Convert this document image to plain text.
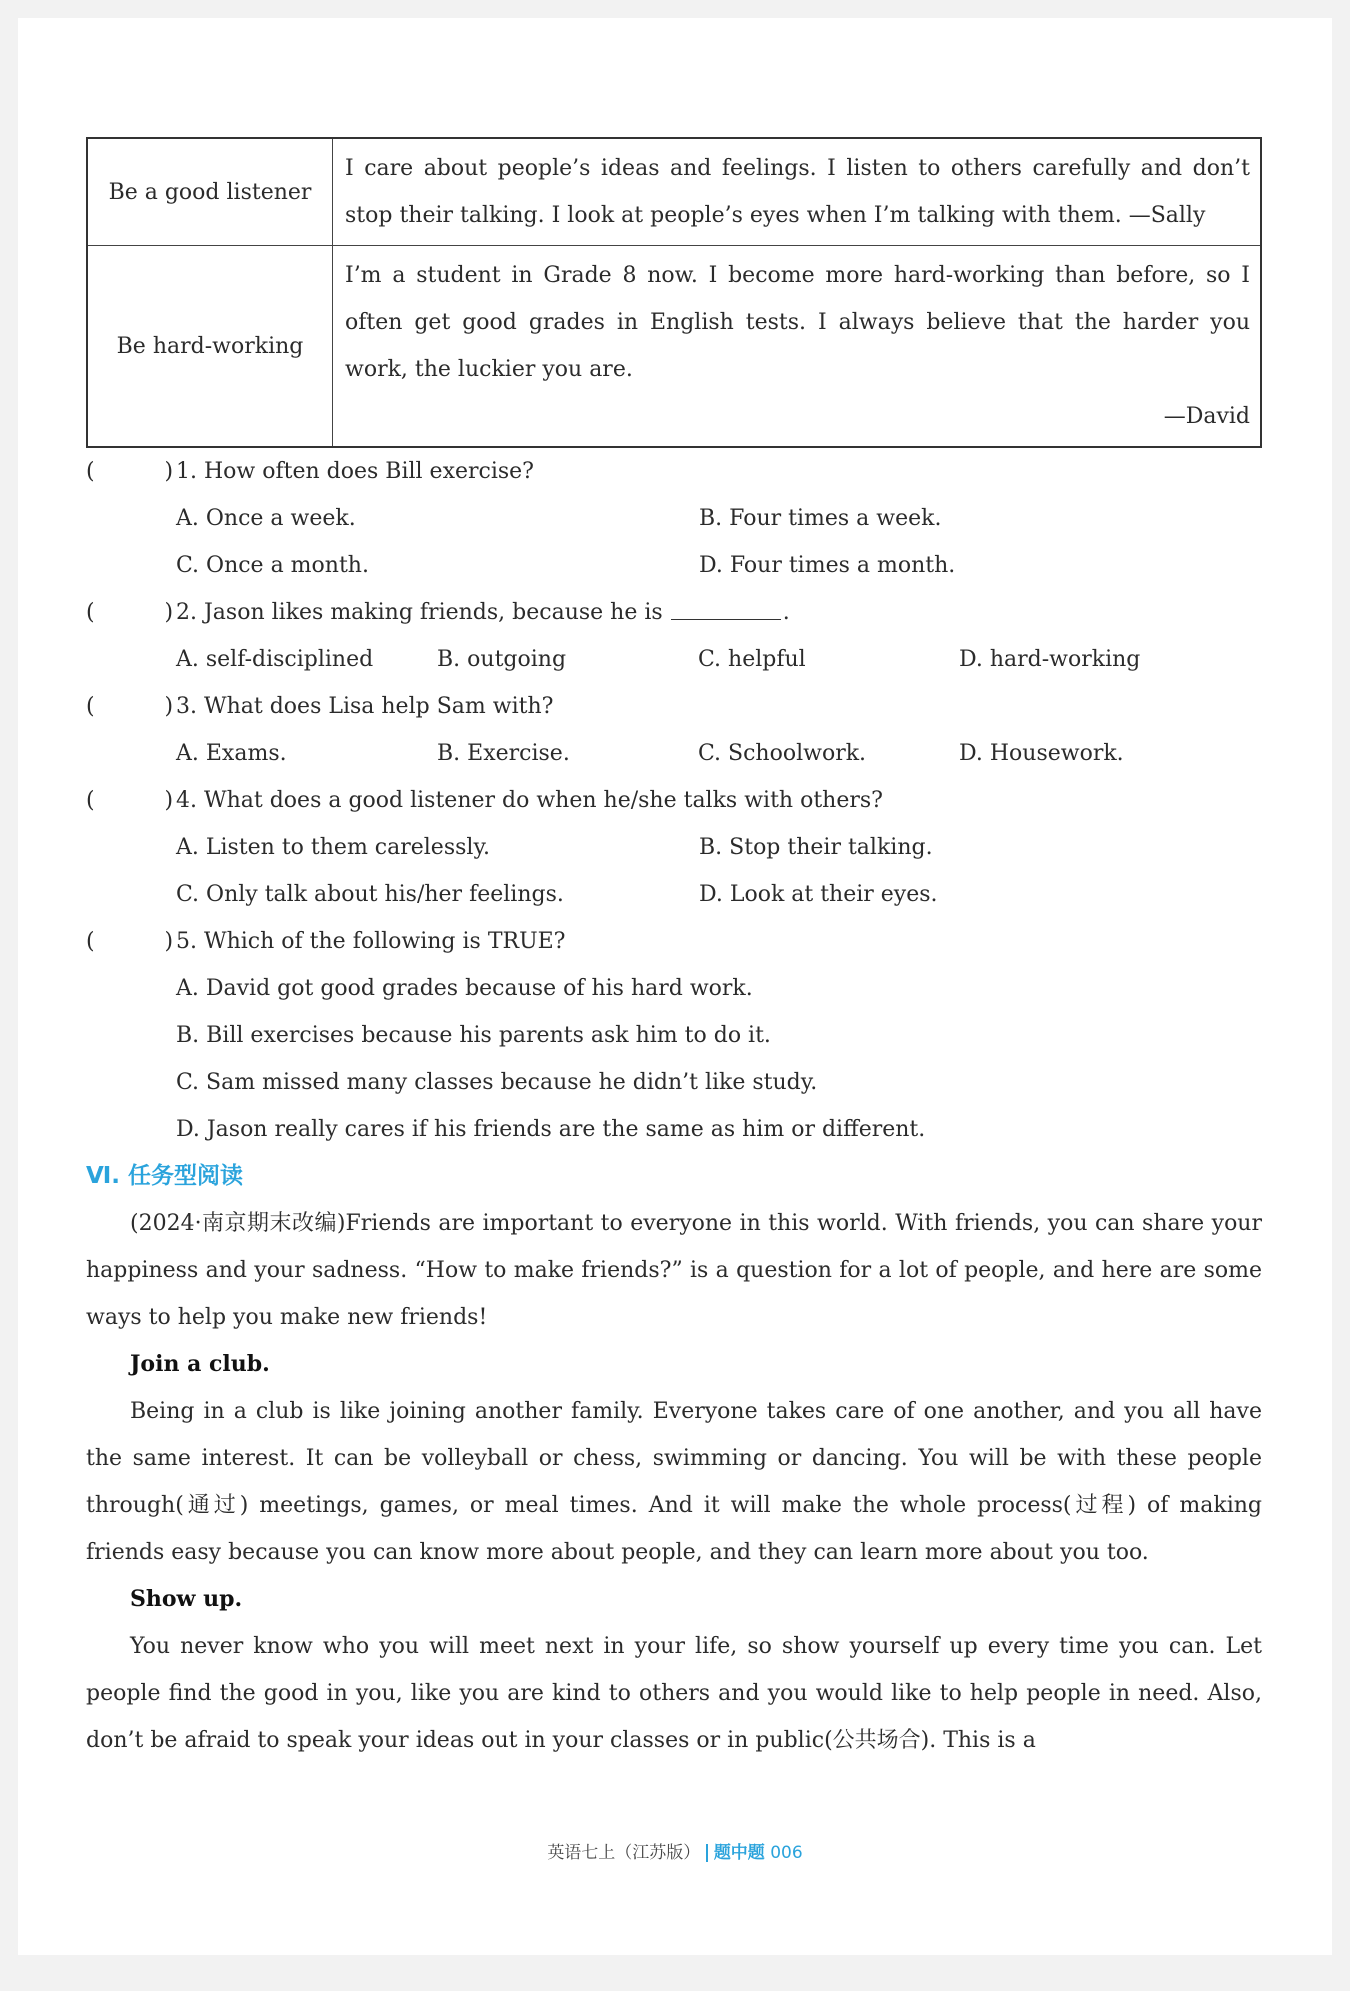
Be a good listener	I care about people’s ideas and feelings. I listen to others carefully and don’t stop their talking. I look at people’s eyes when I’m talking with them. —Sally
Be hard-working	I’m a student in Grade 8 now. I become more hard-working than before, so I often get good grades in English tests. I always believe that the harder you work, the luckier you are.
—David
(          ) 1. How often does Bill exercise?
A. Once a week.	B. Four times a week.
C. Once a month.	D. Four times a month.
(          ) 2. Jason likes making friends, because he is	.
A. self-disciplined	B. outgoing	C. helpful	D. hard-working
(          ) 3. What does Lisa help Sam with?
A. Exams.	B. Exercise.	C. Schoolwork.	D. Housework.
(          ) 4. What does a good listener do when he/she talks with others?
A. Listen to them carelessly.	B. Stop their talking.
C. Only talk about his/her feelings.	D. Look at their eyes.
(          ) 5. Which of the following is TRUE?
A. David got good grades because of his hard work.
B. Bill exercises because his parents ask him to do it.
C. Sam missed many classes because he didn’t like study.
D. Jason really cares if his friends are the same as him or different.
Ⅵ. 任务型阅读

(2024·南京期末改编)Friends are important to everyone in this world. With friends, you can share your happiness and your sadness. “How to make friends?” is a question for a lot of people, and here are some ways to help you make new friends!

Join a club.

Being in a club is like joining another family. Everyone takes care of one another, and you all have the same interest. It can be volleyball or chess, swimming or dancing. You will be with these people through(通过) meetings, games, or meal times. And it will make the whole process(过程) of making friends easy because you can know more about people, and they can learn more about you too.

Show up.

You never know who you will meet next in your life, so show yourself up every time you can. Let people find the good in you, like you are kind to others and you would like to help people in need. Also, don’t be afraid to speak your ideas out in your classes or in public(公共场合). This is a

英语七上（江苏版） 题中题 006
